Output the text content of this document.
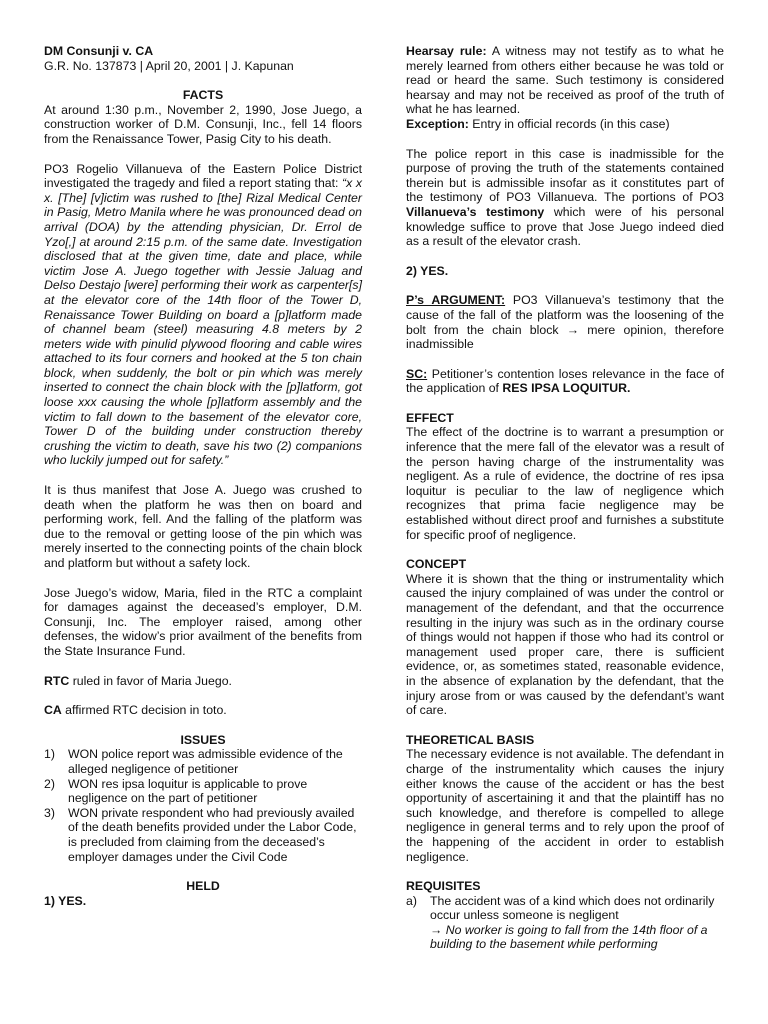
DM Consunji v. CA

G.R. No. 137873 | April 20, 2001 | J. Kapunan

FACTS

At around 1:30 p.m., November 2, 1990, Jose Juego, a construction worker of D.M. Consunji, Inc., fell 14 floors from the Renaissance Tower, Pasig City to his death.

PO3 Rogelio Villanueva of the Eastern Police District investigated the tragedy and filed a report stating that: “x x x. [The] [v]ictim was rushed to [the] Rizal Medical Center in Pasig, Metro Manila where he was pronounced dead on arrival (DOA) by the attending physician, Dr. Errol de Yzo[,] at around 2:15 p.m. of the same date. Investigation disclosed that at the given time, date and place, while victim Jose A. Juego together with Jessie Jaluag and Delso Destajo [were] performing their work as carpenter[s] at the elevator core of the 14th floor of the Tower D, Renaissance Tower Building on board a [p]latform made of channel beam (steel) measuring 4.8 meters by 2 meters wide with pinulid plywood flooring and cable wires attached to its four corners and hooked at the 5 ton chain block, when suddenly, the bolt or pin which was merely inserted to connect the chain block with the [p]latform, got loose xxx causing the whole [p]latform assembly and the victim to fall down to the basement of the elevator core, Tower D of the building under construction thereby crushing the victim to death, save his two (2) companions who luckily jumped out for safety.”

It is thus manifest that Jose A. Juego was crushed to death when the platform he was then on board and performing work, fell. And the falling of the platform was due to the removal or getting loose of the pin which was merely inserted to the connecting points of the chain block and platform but without a safety lock.

Jose Juego’s widow, Maria, filed in the RTC a complaint for damages against the deceased’s employer, D.M. Consunji, Inc. The employer raised, among other defenses, the widow’s prior availment of the benefits from the State Insurance Fund.

RTC ruled in favor of Maria Juego.

CA affirmed RTC decision in toto.

ISSUES

1)	WON police report was admissible evidence of the alleged negligence of petitioner
2)	WON res ipsa loquitur is applicable to prove negligence on the part of petitioner
3)	WON private respondent who had previously availed of the death benefits provided under the Labor Code, is precluded from claiming from the deceased’s employer damages under the Civil Code

HELD

1) YES.

Hearsay rule: A witness may not testify as to what he merely learned from others either because he was told or read or heard the same. Such testimony is considered hearsay and may not be received as proof of the truth of what he has learned.

Exception: Entry in official records (in this case)

The police report in this case is inadmissible for the purpose of proving the truth of the statements contained therein but is admissible insofar as it constitutes part of the testimony of PO3 Villanueva. The portions of PO3 Villanueva’s testimony which were of his personal knowledge suffice to prove that Jose Juego indeed died as a result of the elevator crash.

2) YES.

P’s ARGUMENT: PO3 Villanueva’s testimony that the cause of the fall of the platform was the loosening of the bolt from the chain block → mere opinion, therefore inadmissible

SC: Petitioner’s contention loses relevance in the face of the application of RES IPSA LOQUITUR.

EFFECT

The effect of the doctrine is to warrant a presumption or inference that the mere fall of the elevator was a result of the person having charge of the instrumentality was negligent. As a rule of evidence, the doctrine of res ipsa loquitur is peculiar to the law of negligence which recognizes that prima facie negligence may be established without direct proof and furnishes a substitute for specific proof of negligence.

CONCEPT

Where it is shown that the thing or instrumentality which caused the injury complained of was under the control or management of the defendant, and that the occurrence resulting in the injury was such as in the ordinary course of things would not happen if those who had its control or management used proper care, there is sufficient evidence, or, as sometimes stated, reasonable evidence, in the absence of explanation by the defendant, that the injury arose from or was caused by the defendant’s want of care.

THEORETICAL BASIS

The necessary evidence is not available. The defendant in charge of the instrumentality which causes the injury either knows the cause of the accident or has the best opportunity of ascertaining it and that the plaintiff has no such knowledge, and therefore is compelled to allege negligence in general terms and to rely upon the proof of the happening of the accident in order to establish negligence.

REQUISITES

a)	The accident was of a kind which does not ordinarily occur unless someone is negligent
→ No worker is going to fall from the 14th floor of a building to the basement while performing
